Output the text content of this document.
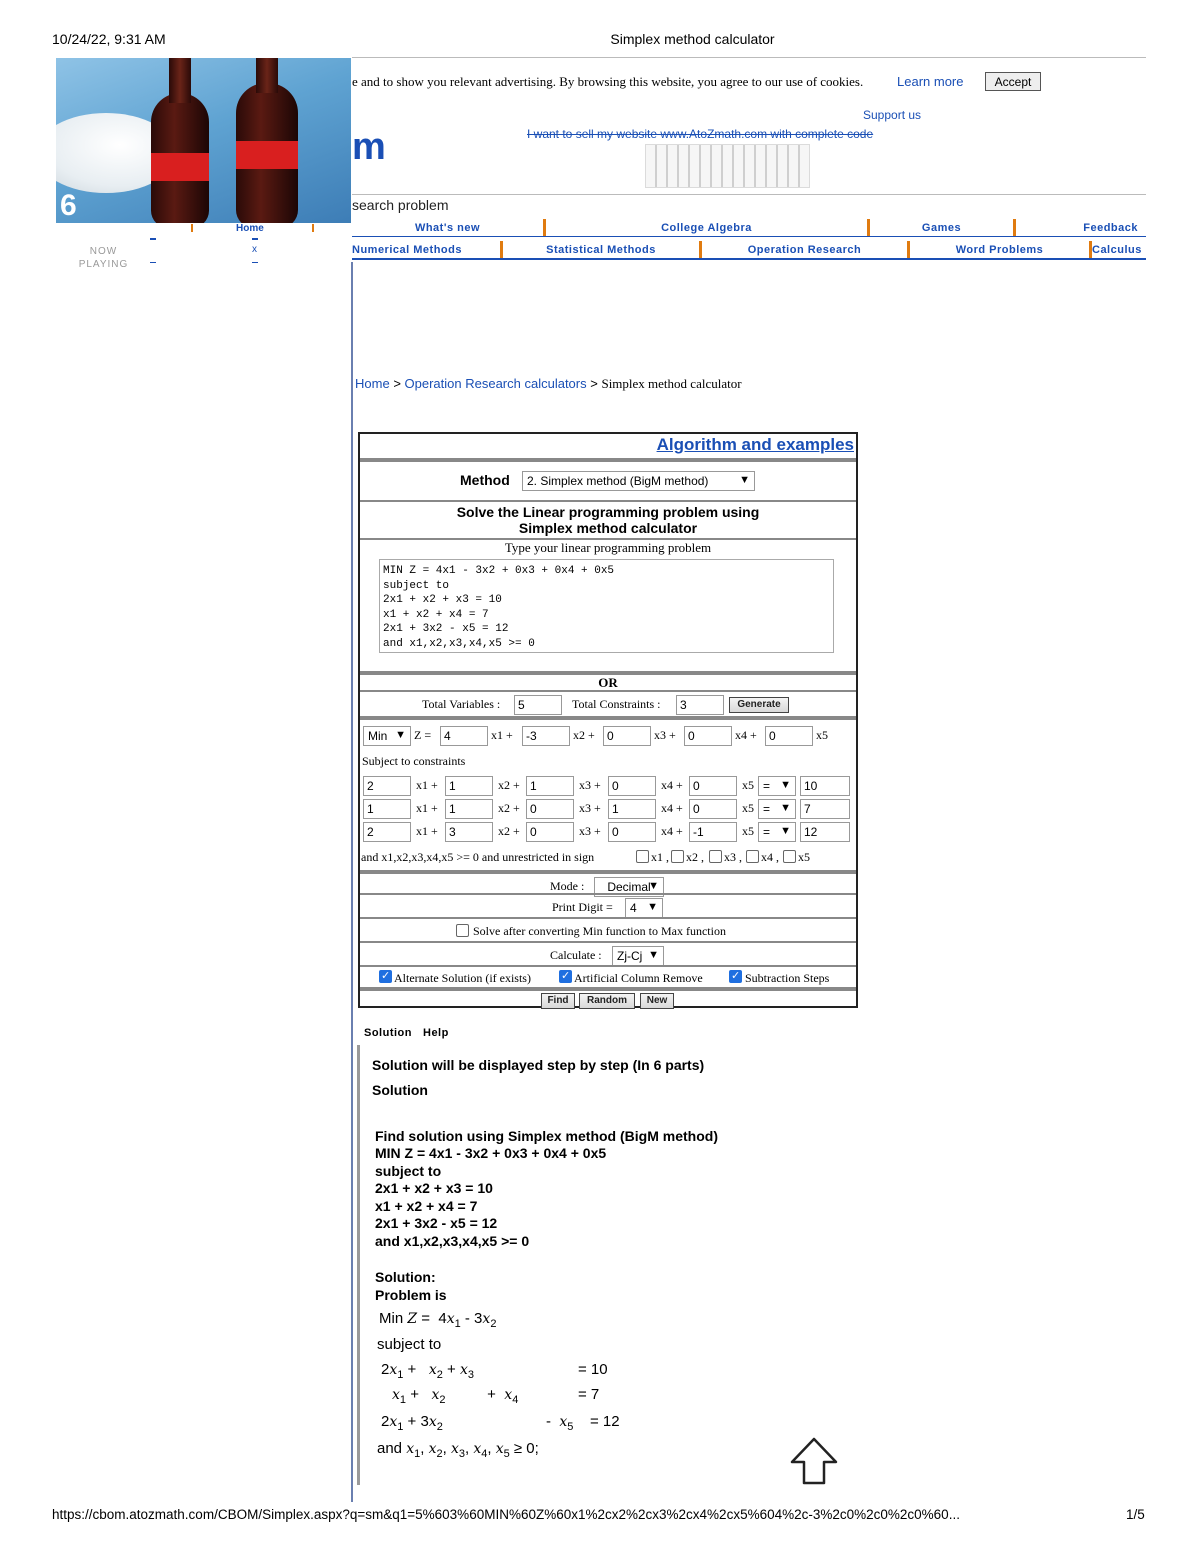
10/24/22, 9:31 AM	Simplex method calculator
e and to show you relevant advertising. By browsing this website, you agree to our use of cookies.	Learn more	Accept
m
Support us
I want to sell my website www.AtoZmath.com with complete code
search problem
What's new	College Algebra	Games	Feedback
Numerical Methods	Statistical Methods	Operation Research	Word Problems	Calculus
6
Home
x
NOW
PLAYING
Home > Operation Research calculators > Simplex method calculator
Algorithm and examples
Method	2. Simplex method (BigM method)	▼
Solve the Linear programming problem using
Simplex method calculator
Type your linear programming problem
MIN Z = 4x1 - 3x2 + 0x3 + 0x4 + 0x5
subject to
2x1 + x2 + x3 = 10
x1 + x2 + x4 = 7
2x1 + 3x2 - x5 = 12
and x1,x2,x3,x4,x5 >= 0
OR
Total Variables :	5	Total Constraints :	3	Generate
Min ▼ Z =	4	x1 +	-3	x2 +	0	x3 +	0	x4 +	0	x5
Subject to constraints
2	x1 + 1	x2 + 1	x3 + 0	x4 + 0	x5 = ▼	10
1	x1 + 1	x2 + 0	x3 + 1	x4 + 0	x5 = ▼	7
2	x1 + 3	x2 + 0	x3 + 0	x4 + -1	x5 = ▼	12
and x1,x2,x3,x4,x5 >= 0 and unrestricted in sign	x1 , x2 , x3 , x4 , x5
Mode :	Decimal
▼
Print Digit =	4 ▼
Solve after converting Min function to Max function
Calculate :	Zj-Cj ▼
✓
Alternate Solution (if exists) ✓	Artificial Column Remove ✓	Subtraction Steps
Find	Random	New
Solution Help
Solution will be displayed step by step (In 6 parts)
Solution
Find solution using Simplex method (BigM method)
MIN Z = 4x1 - 3x2 + 0x3 + 0x4 + 0x5
subject to
2x1 + x2 + x3 = 10
x1 + x2 + x4 = 7
2x1 + 3x2 - x5 = 12
and x1,x2,x3,x4,x5 >= 0
Solution:
Problem is
Min $Z = 4x_1 - 3x_2$
subject to
$2x_1 + x_2 + x_3$	= 10
$x_1 + x_2$          +  $x_4$	= 7
$2x_1 + 3x_2$	-  $x_5 = 12$
and $x_1$, $x_2$, $x_3$, $x_4$, $x_5 \ge 0$;
https://cbom.atozmath.com/CBOM/Simplex.aspx?q=sm&q1=5%603%60MIN%60Z%60x1%2cx2%2cx3%2cx4%2cx5%604%2c-3%2c0%2c0%2c0%60...	1/5
